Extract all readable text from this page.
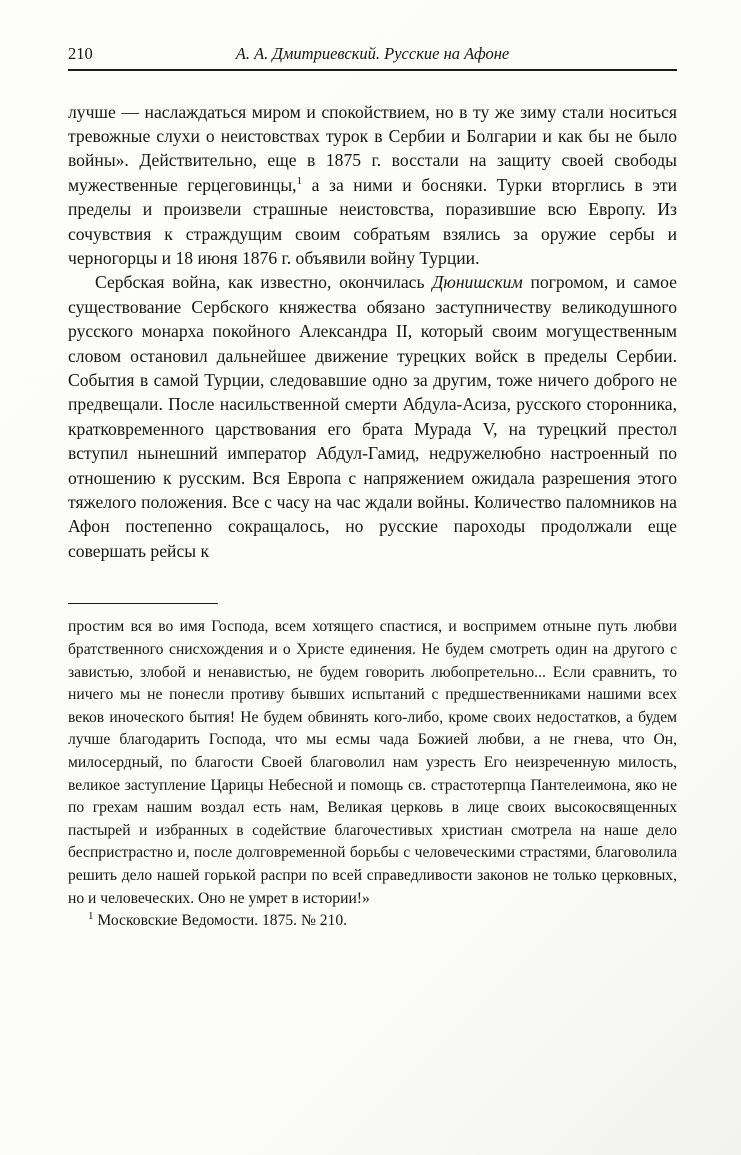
210	А. А. Дмитриевский. Русские на Афоне

лучше — наслаждаться миром и спокойствием, но в ту же зиму стали носиться тревожные слухи о неистовствах турок в Сербии и Болгарии и как бы не было войны». Действительно, еще в 1875 г. восстали на защиту своей свободы мужественные герцеговинцы,$^1$ а за ними и босняки. Турки вторглись в эти пределы и произвели страшные неистовства, поразившие всю Европу. Из сочувствия к страждущим своим собратьям взялись за оружие сербы и черногорцы и 18 июня 1876 г. объявили войну Турции.

Сербская война, как известно, окончилась Дюнишским погромом, и самое существование Сербского княжества обязано заступничеству великодушного русского монарха покойного Александра II, который своим могущественным словом остановил дальнейшее движение турецких войск в пределы Сербии. События в самой Турции, следовавшие одно за другим, тоже ничего доброго не предвещали. После насильственной смерти Абдула-Асиза, русского сторонника, кратковременного царствования его брата Мурада V, на турецкий престол вступил нынешний император Абдул-Гамид, недружелюбно настроенный по отношению к русским. Вся Европа с напряжением ожидала разрешения этого тяжелого положения. Все с часу на час ждали войны. Количество паломников на Афон постепенно сокращалось, но русские пароходы продолжали еще совершать рейсы к

простим вся во имя Господа, всем хотящего спастися, и воспримем отныне путь любви братственного снисхождения и о Христе единения. Не будем смотреть один на другого с завистью, злобой и ненавистью, не будем говорить любопретельно... Если сравнить, то ничего мы не понесли противу бывших испытаний с предшественниками нашими всех веков иноческого бытия! Не будем обвинять кого-либо, кроме своих недостатков, а будем лучше благодарить Господа, что мы есмы чада Божией любви, а не гнева, что Он, милосердный, по благости Своей благоволил нам узресть Его неизреченную милость, великое заступление Царицы Небесной и помощь св. страстотерпца Пантелеимона, яко не по грехам нашим воздал есть нам, Великая церковь в лице своих высокосвященных пастырей и избранных в содействие благочестивых христиан смотрела на наше дело беспристрастно и, после долговременной борьбы с человеческими страстями, благоволила решить дело нашей горькой распри по всей справедливости законов не только церковных, но и человеческих. Оно не умрет в истории!»

$^1$ Московские Ведомости. 1875. № 210.
